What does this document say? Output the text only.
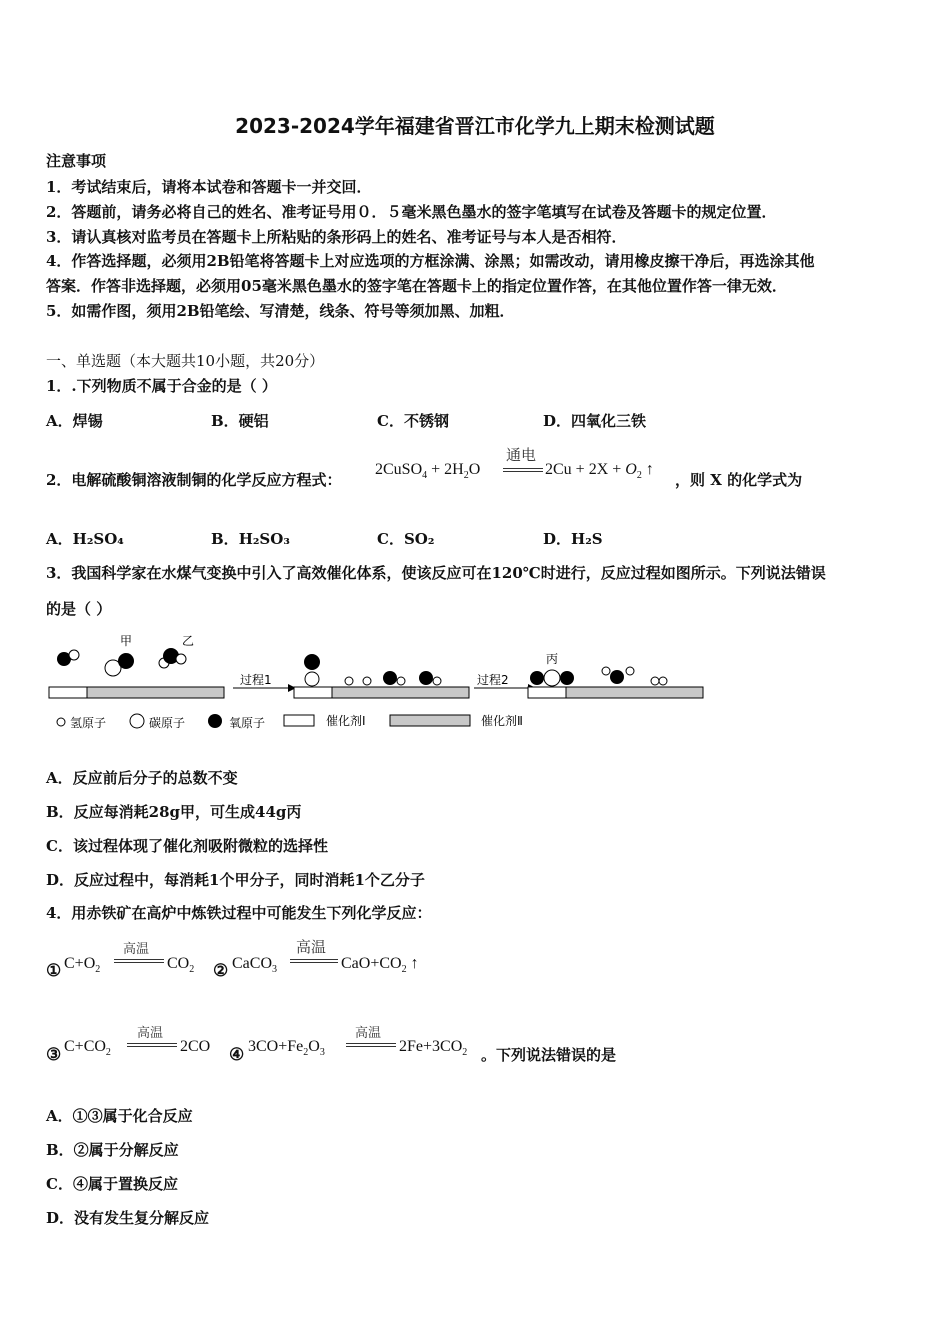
2023-2024学年福建省晋江市化学九上期末检测试题
注意事项
1．考试结束后，请将本试卷和答题卡一并交回．
2．答题前，请务必将自己的姓名、准考证号用０．５毫米黑色墨水的签字笔填写在试卷及答题卡的规定位置．
3．请认真核对监考员在答题卡上所粘贴的条形码上的姓名、准考证号与本人是否相符．
4．作答选择题，必须用2B铅笔将答题卡上对应选项的方框涂满、涂黑；如需改动，请用橡皮擦干净后，再选涂其他
答案．作答非选择题，必须用05毫米黑色墨水的签字笔在答题卡上的指定位置作答，在其他位置作答一律无效．
5．如需作图，须用2B铅笔绘、写清楚，线条、符号等须加黑、加粗．
一、单选题（本大题共10小题，共20分）
1．.下列物质不属于合金的是（ ）
A．焊锡	B．硬铝	C．不锈钢	D．四氧化三铁
2．电解硫酸铜溶液制铜的化学反应方程式：
2CuSO$_4$ + $2H_2O$
通电
$2Cu + 2X + O_2$ ↑
，则 X 的化学式为
A．H₂SO₄	B．H₂SO₃	C．SO₂	D．H₂S
3．我国科学家在水煤气变换中引入了高效催化体系，使该反应可在120℃时进行，反应过程如图所示。下列说法错误
的是（ ）
甲	乙
过程1	过程2
丙
氢原子	碳原子	氧原子	催化剂Ⅰ	催化剂Ⅱ
A．反应前后分子的总数不变
B．反应每消耗28g甲，可生成44g丙
C．该过程体现了催化剂吸附微粒的选择性
D．反应过程中，每消耗1个甲分子，同时消耗1个乙分子
4．用赤铁矿在高炉中炼铁过程中可能发生下列化学反应：
① $C+O_2$
高温
$CO_2$ ② CaCO$_3$
高温
$CaO+CO_2$ ↑
③ $C+CO_2$
高温
2CO ④ $3CO+Fe_2O_3$
高温
$2Fe+3CO_2$ 。下列说法错误的是
A．①③属于化合反应
B．②属于分解反应
C．④属于置换反应
D．没有发生复分解反应
